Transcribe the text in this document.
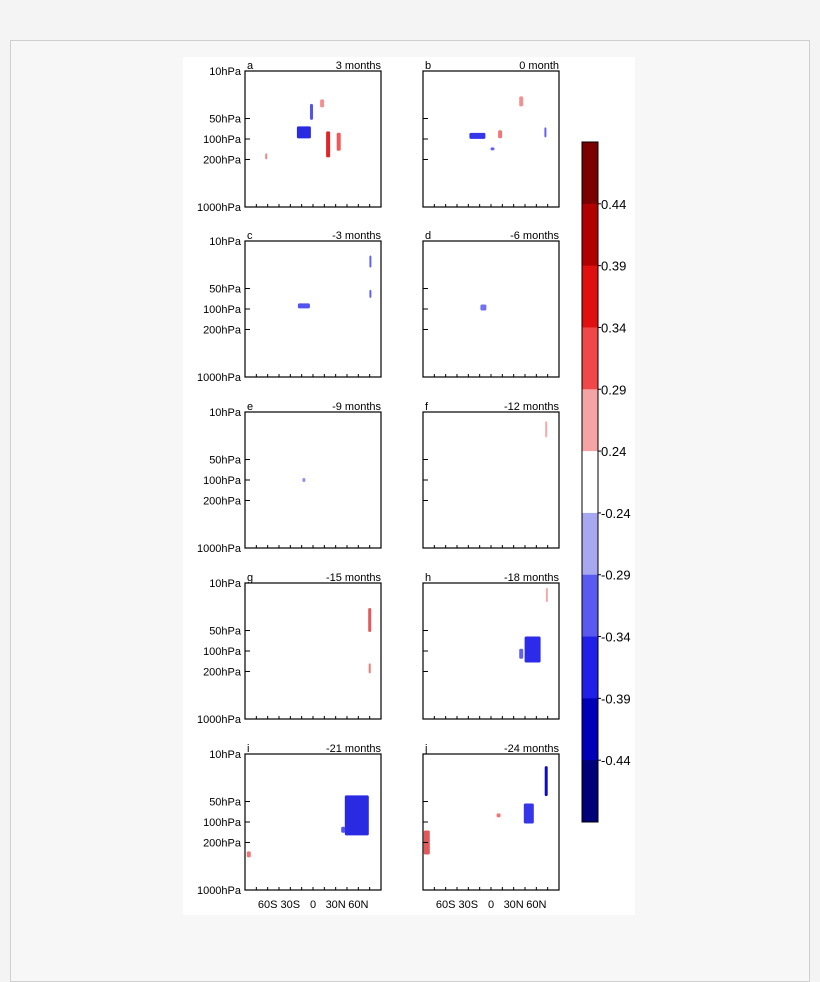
a	3 months
10hPa
50hPa
100hPa
200hPa
1000hPa
b	0 month
c	-3 months
10hPa
50hPa
100hPa
200hPa
1000hPa
d	-6 months
e	-9 months
10hPa
50hPa
100hPa
200hPa
1000hPa
f	-12 months
g	-15 months
10hPa
50hPa
100hPa
200hPa
1000hPa
h	-18 months
i	-21 months
10hPa
50hPa
100hPa
200hPa
1000hPa
60S 30S 0 30N 60N
j	-24 months
60S 30S 0 30N 60N
0.44
0.39
0.34
0.29
0.24
-0.24
-0.29
-0.34
-0.39
-0.44
